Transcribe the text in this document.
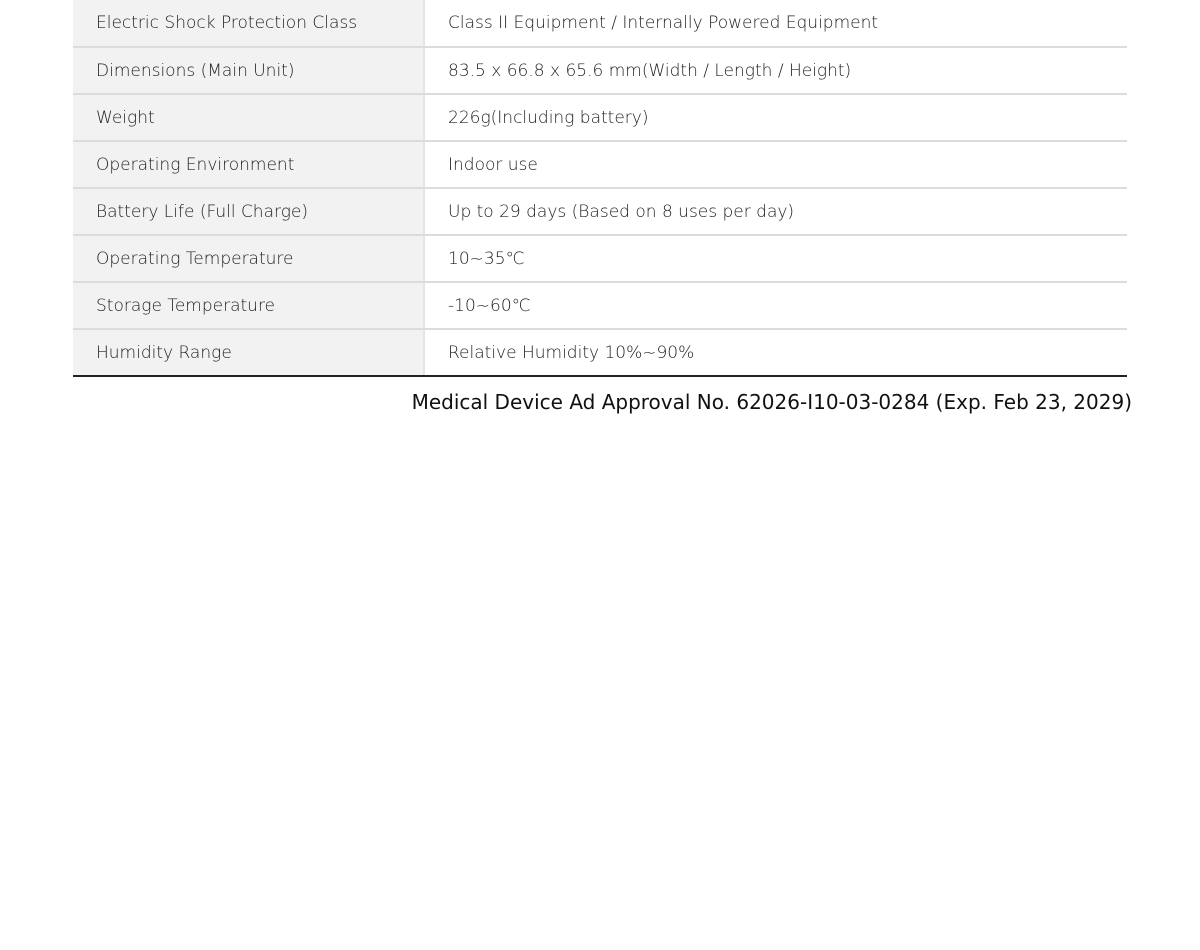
Electric Shock Protection Class	Class II Equipment / Internally Powered Equipment
Dimensions (Main Unit)	83.5 x 66.8 x 65.6 mm(Width / Length / Height)
Weight	226g(Including battery)
Operating Environment	Indoor use
Battery Life (Full Charge)	Up to 29 days (Based on 8 uses per day)
Operating Temperature	10~35℃
Storage Temperature	-10~60℃
Humidity Range	Relative Humidity 10%~90%
Medical Device Ad Approval No. 62026-I10-03-0284 (Exp. Feb 23, 2029)
